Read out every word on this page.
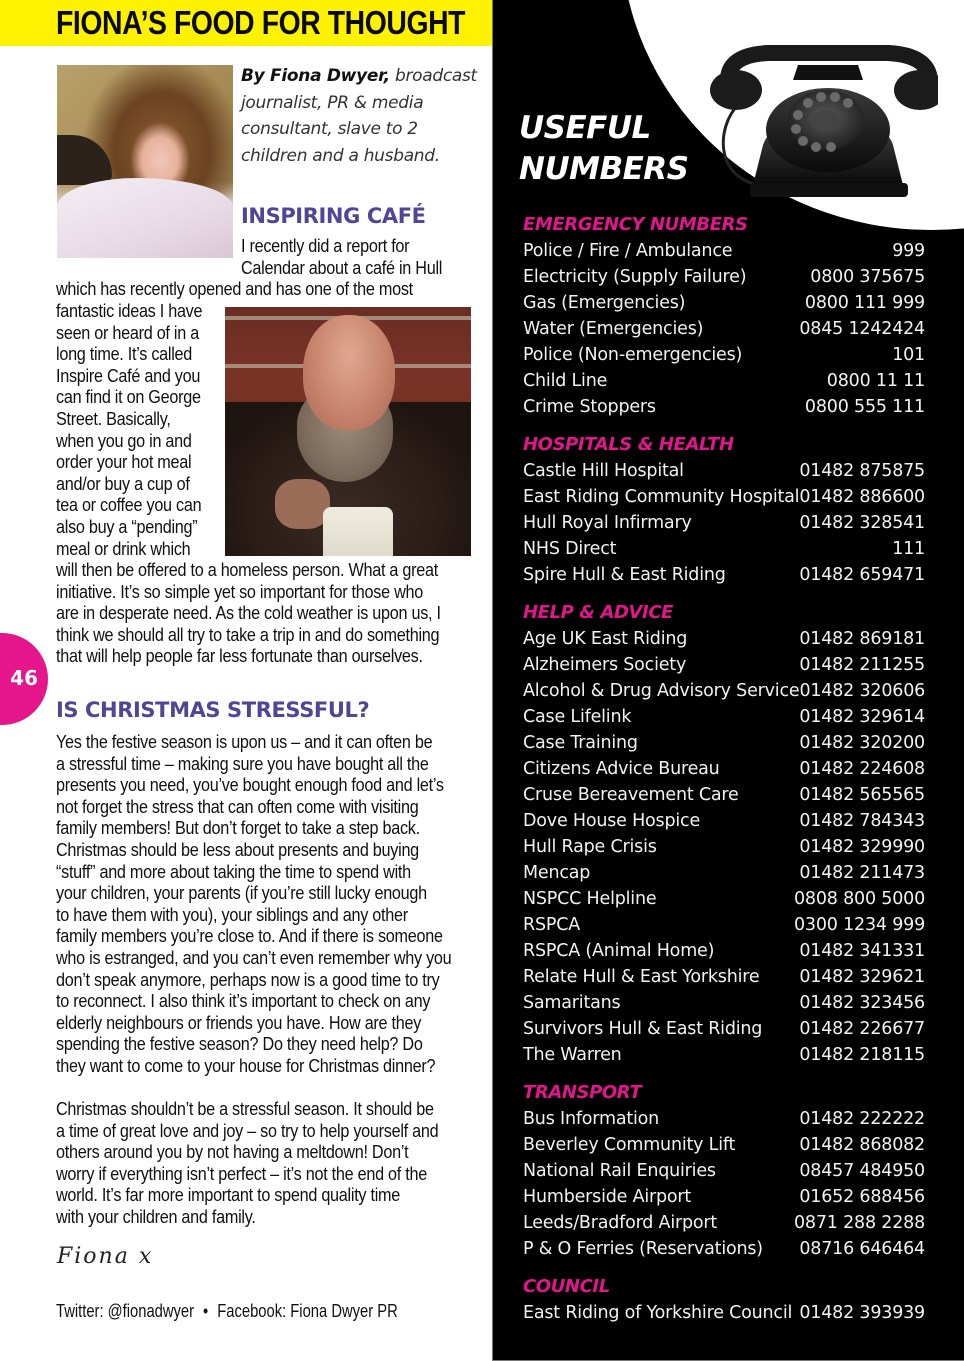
FIONA’S FOOD FOR THOUGHT
By Fiona Dwyer, broadcast
journalist, PR & media
consultant, slave to 2
children and a husband.
INSPIRING CAFÉ
I recently did a report for
Calendar about a café in Hull
which has recently opened and has one of the most
fantastic ideas I have
seen or heard of in a
long time. It’s called
Inspire Café and you
can find it on George
Street. Basically,
when you go in and
order your hot meal
and/or buy a cup of
tea or coffee you can
also buy a “pending”
meal or drink which
will then be offered to a homeless person. What a great
initiative. It’s so simple yet so important for those who
are in desperate need. As the cold weather is upon us, I
think we should all try to take a trip in and do something
that will help people far less fortunate than ourselves.
46
IS CHRISTMAS STRESSFUL?
Yes the festive season is upon us – and it can often be
a stressful time – making sure you have bought all the
presents you need, you’ve bought enough food and let’s
not forget the stress that can often come with visiting
family members! But don’t forget to take a step back.
Christmas should be less about presents and buying
“stuff” and more about taking the time to spend with
your children, your parents (if you’re still lucky enough
to have them with you), your siblings and any other
family members you’re close to. And if there is someone
who is estranged, and you can’t even remember why you
don’t speak anymore, perhaps now is a good time to try
to reconnect. I also think it’s important to check on any
elderly neighbours or friends you have. How are they
spending the festive season? Do they need help? Do
they want to come to your house for Christmas dinner?
Christmas shouldn’t be a stressful season. It should be
a time of great love and joy – so try to help yourself and
others around you by not having a meltdown! Don’t
worry if everything isn’t perfect – it’s not the end of the
world. It’s far more important to spend quality time
with your children and family.
Fiona x
Twitter: @fionadwyer • Facebook: Fiona Dwyer PR
USEFUL
NUMBERS
EMERGENCY NUMBERS
Police / Fire / Ambulance	999
Electricity (Supply Failure)	0800 375675
Gas (Emergencies)	0800 111 999
Water (Emergencies)	0845 1242424
Police (Non-emergencies)	101
Child Line	0800 11 11
Crime Stoppers	0800 555 111
HOSPITALS & HEALTH
Castle Hill Hospital	01482 875875
East Riding Community Hospital 01482 886600
Hull Royal Infirmary	01482 328541
NHS Direct	111
Spire Hull & East Riding	01482 659471
HELP & ADVICE
Age UK East Riding	01482 869181
Alzheimers Society	01482 211255
Alcohol & Drug Advisory Service 01482 320606
Case Lifelink	01482 329614
Case Training	01482 320200
Citizens Advice Bureau	01482 224608
Cruse Bereavement Care	01482 565565
Dove House Hospice	01482 784343
Hull Rape Crisis	01482 329990
Mencap	01482 211473
NSPCC Helpline	0808 800 5000
RSPCA	0300 1234 999
RSPCA (Animal Home)	01482 341331
Relate Hull & East Yorkshire 01482 329621
Samaritans	01482 323456
Survivors Hull & East Riding 01482 226677
The Warren	01482 218115
TRANSPORT
Bus Information	01482 222222
Beverley Community Lift	01482 868082
National Rail Enquiries	08457 484950
Humberside Airport	01652 688456
Leeds/Bradford Airport	0871 288 2288
P & O Ferries (Reservations) 08716 646464
COUNCIL
East Riding of Yorkshire Council 01482 393939
